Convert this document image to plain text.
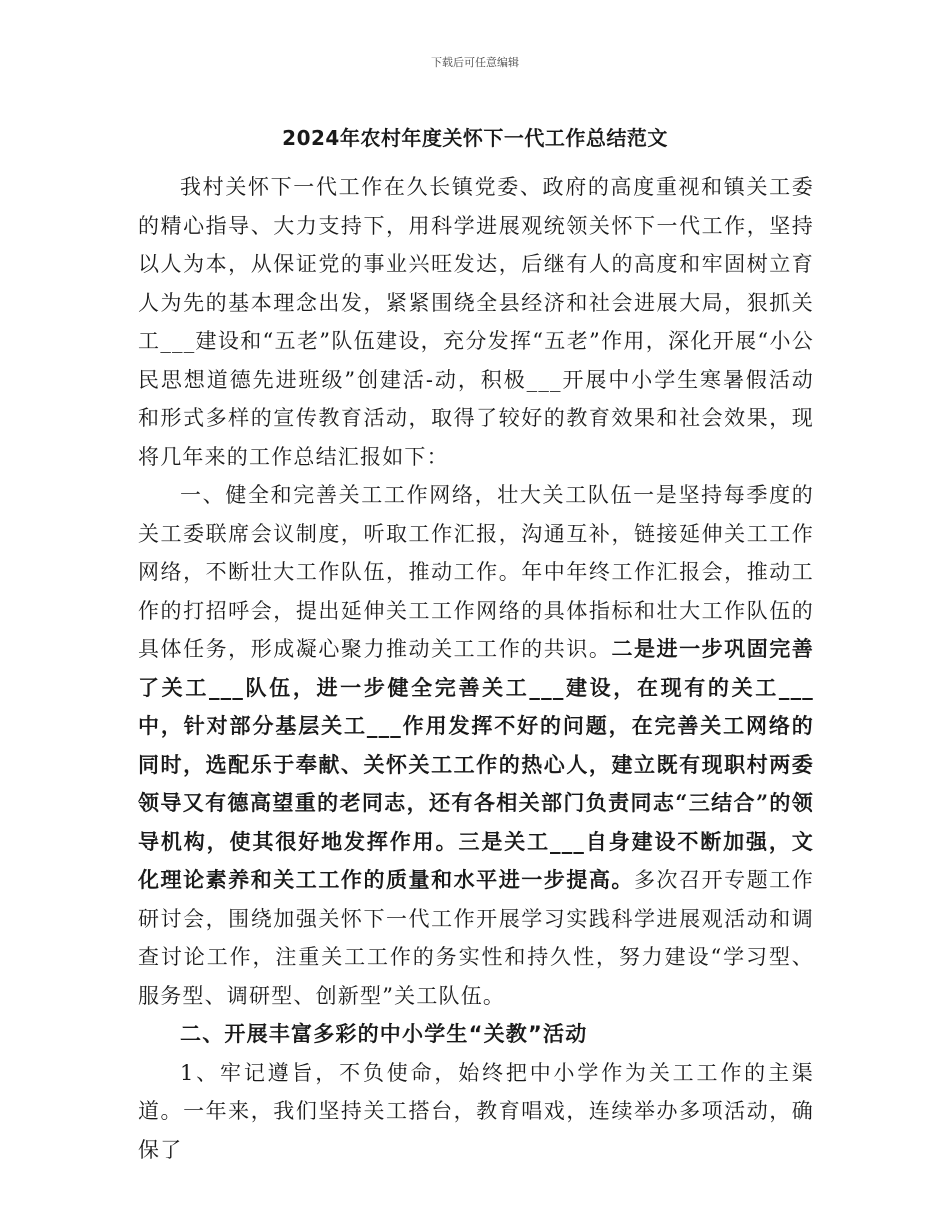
下载后可任意编辑
2024年农村年度关怀下一代工作总结范文

我村关怀下一代工作在久长镇党委、政府的高度重视和镇关工委的精心指导、大力支持下，用科学进展观统领关怀下一代工作，坚持以人为本，从保证党的事业兴旺发达，后继有人的高度和牢固树立育人为先的基本理念出发，紧紧围绕全县经济和社会进展大局，狠抓关工___建设和“五老”队伍建设，充分发挥“五老”作用，深化开展“小公民思想道德先进班级”创建活-动，积极___开展中小学生寒暑假活动和形式多样的宣传教育活动，取得了较好的教育效果和社会效果，现将几年来的工作总结汇报如下：

一、健全和完善关工工作网络，壮大关工队伍一是坚持每季度的关工委联席会议制度，听取工作汇报，沟通互补，链接延伸关工工作网络，不断壮大工作队伍，推动工作。年中年终工作汇报会，推动工作的打招呼会，提出延伸关工工作网络的具体指标和壮大工作队伍的具体任务，形成凝心聚力推动关工工作的共识。二是进一步巩固完善了关工___队伍，进一步健全完善关工___建设，在现有的关工___中，针对部分基层关工___作用发挥不好的问题，在完善关工网络的同时，选配乐于奉献、关怀关工工作的热心人，建立既有现职村两委领导又有德高望重的老同志，还有各相关部门负责同志“三结合”的领导机构，使其很好地发挥作用。三是关工___自身建设不断加强，文化理论素养和关工工作的质量和水平进一步提高。多次召开专题工作研讨会，围绕加强关怀下一代工作开展学习实践科学进展观活动和调查讨论工作，注重关工工作的务实性和持久性，努力建设“学习型、服务型、调研型、创新型”关工队伍。

二、开展丰富多彩的中小学生“关教”活动

1、牢记遵旨，不负使命，始终把中小学作为关工工作的主渠道。一年来，我们坚持关工搭台，教育唱戏，连续举办多项活动，确保了
